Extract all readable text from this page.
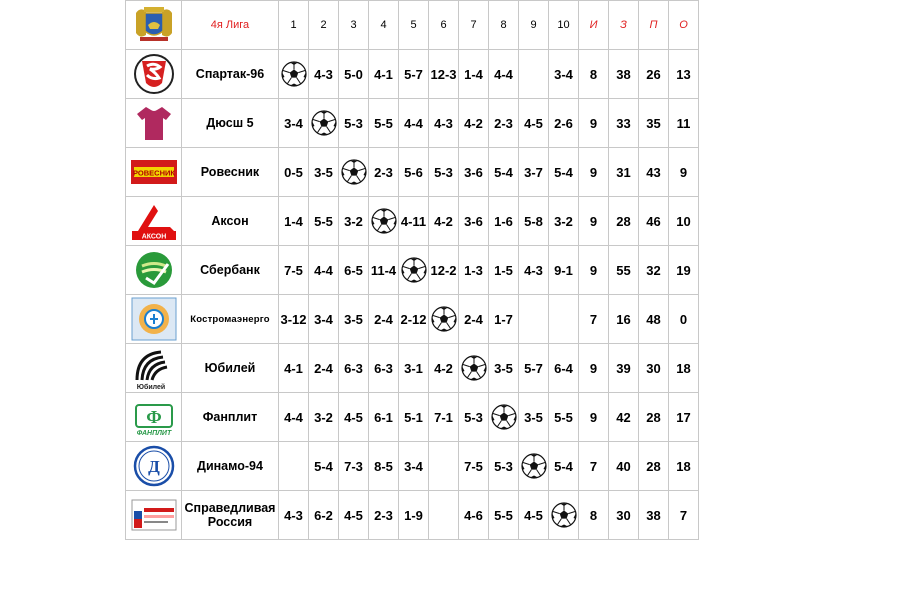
	4я Лига	1	2	3	4	5	6	7	8	9	10	И	З	П	О
	Спартак-96		4-3	5-0	4-1	5-7	12-3	1-4	4-4		3-4	8	38	26	13
	Дюсш 5	3-4		5-3	5-5	4-4	4-3	4-2	2-3	4-5	2-6	9	33	35	11

РОВЕСНИК	Ровесник	0-5	3-5		2-3	5-6	5-3	3-6	5-4	3-7	5-4	9	31	43	9

АКСОН	Аксон	1-4	5-5	3-2		4-11	4-2	3-6	1-6	5-8	3-2	9	28	46	10
	Сбербанк	7-5	4-4	6-5	11-4		12-2	1-3	1-5	4-3	9-1	9	55	32	19
	Костромаэнерго	3-12	3-4	3-5	2-4	2-12		2-4	1-7			7	16	48	0

Юбилей	Юбилей	4-1	2-4	6-3	6-3	3-1	4-2		3-5	5-7	6-4	9	39	30	18

Ф
ФАНПЛИТ	Фанплит	4-4	3-2	4-5	6-1	5-1	7-1	5-3		3-5	5-5	9	42	28	17

Д	Динамо-94		5-4	7-3	8-5	3-4		7-5	5-3		5-4	7	40	28	18
	Справедливая Россия	4-3	6-2	4-5	2-3	1-9		4-6	5-5	4-5		8	30	38	7
